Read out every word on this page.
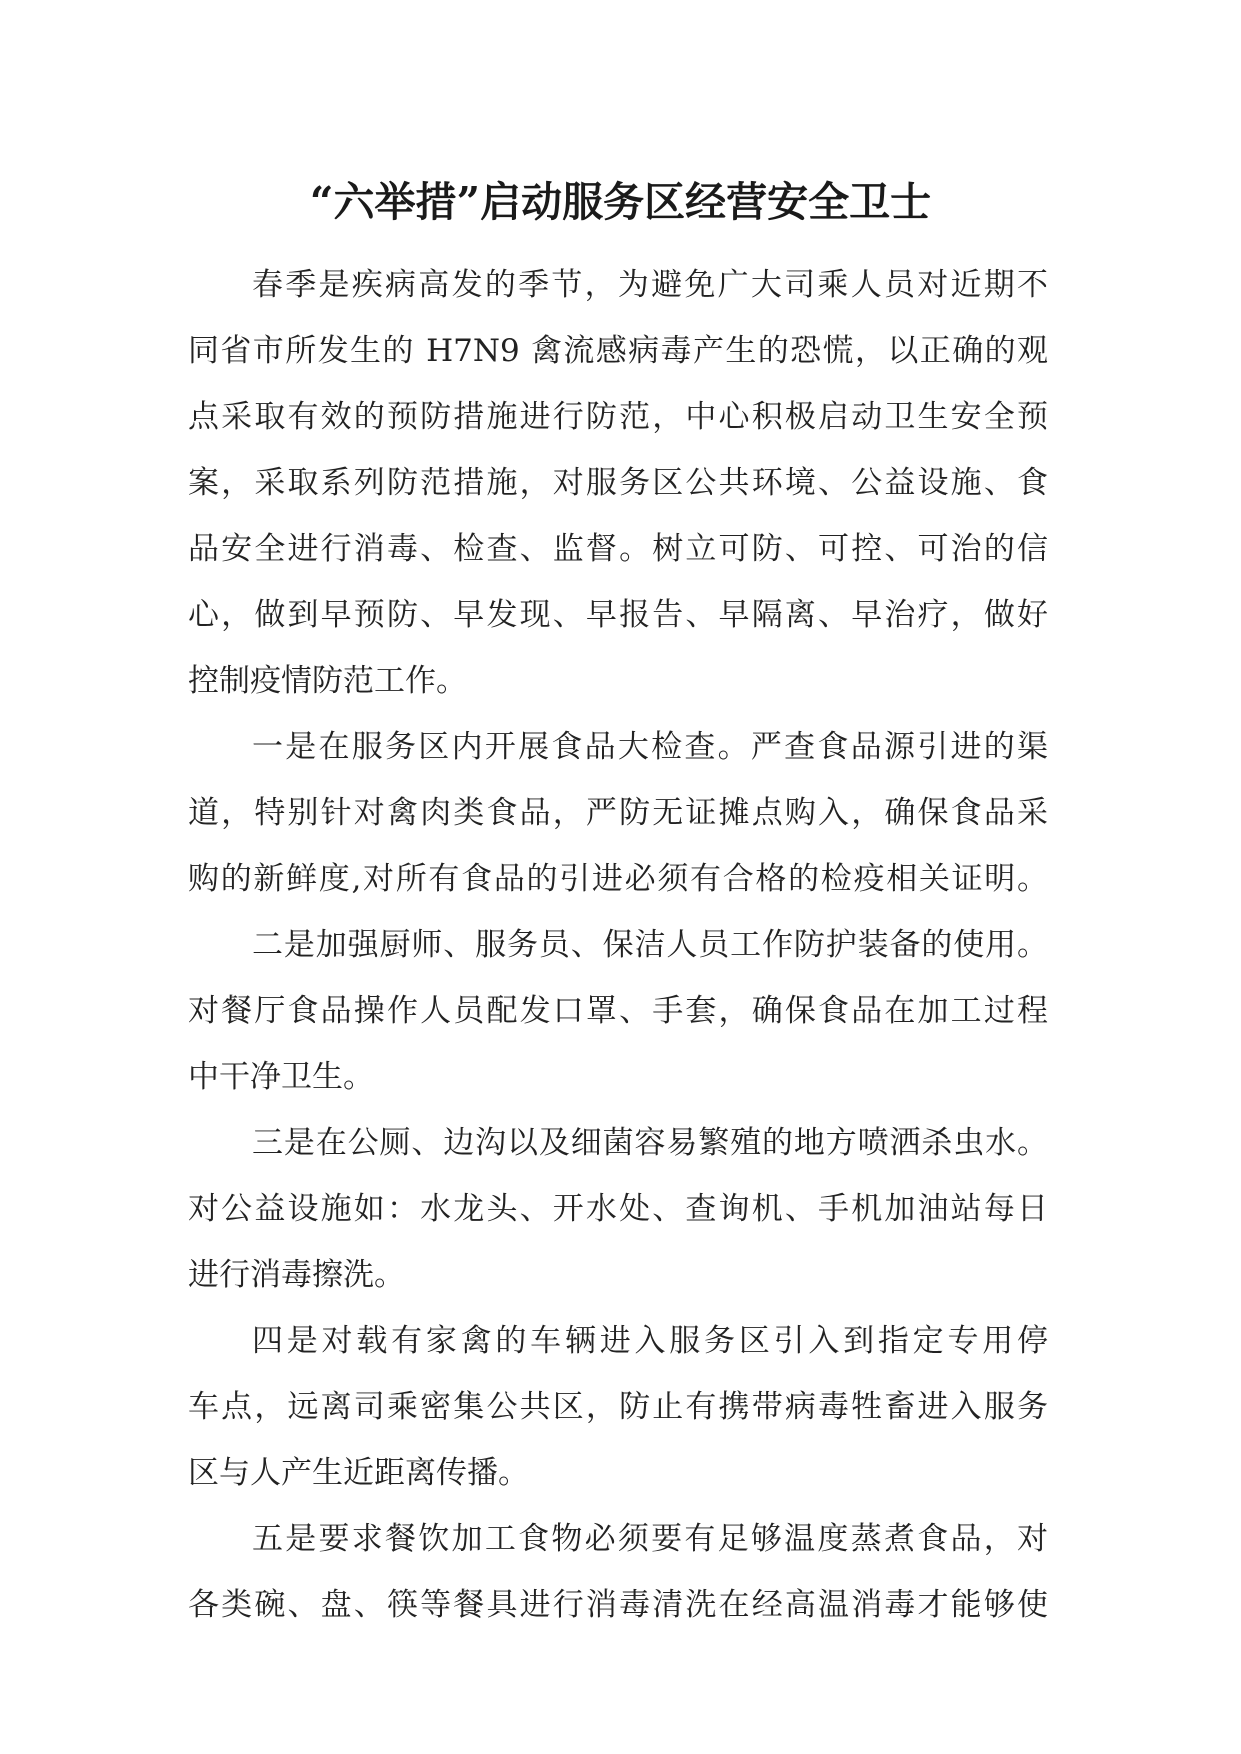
“六举措”启动服务区经营安全卫士
春季是疾病高发的季节，为避免广大司乘人员对近期不
同省市所发生的 H7N9 禽流感病毒产生的恐慌，以正确的观
点采取有效的预防措施进行防范，中心积极启动卫生安全预
案，采取系列防范措施，对服务区公共环境、公益设施、食
品安全进行消毒、检查、监督。树立可防、可控、可治的信
心，做到早预防、早发现、早报告、早隔离、早治疗，做好
控制疫情防范工作。
一是在服务区内开展食品大检查。严查食品源引进的渠
道，特别针对禽肉类食品，严防无证摊点购入，确保食品采
购的新鲜度,对所有食品的引进必须有合格的检疫相关证明。
二是加强厨师、服务员、保洁人员工作防护装备的使用。
对餐厅食品操作人员配发口罩、手套，确保食品在加工过程
中干净卫生。
三是在公厕、边沟以及细菌容易繁殖的地方喷洒杀虫水。
对公益设施如：水龙头、开水处、查询机、手机加油站每日
进行消毒擦洗。
四是对载有家禽的车辆进入服务区引入到指定专用停
车点，远离司乘密集公共区，防止有携带病毒牲畜进入服务
区与人产生近距离传播。
五是要求餐饮加工食物必须要有足够温度蒸煮食品，对
各类碗、盘、筷等餐具进行消毒清洗在经高温消毒才能够使
